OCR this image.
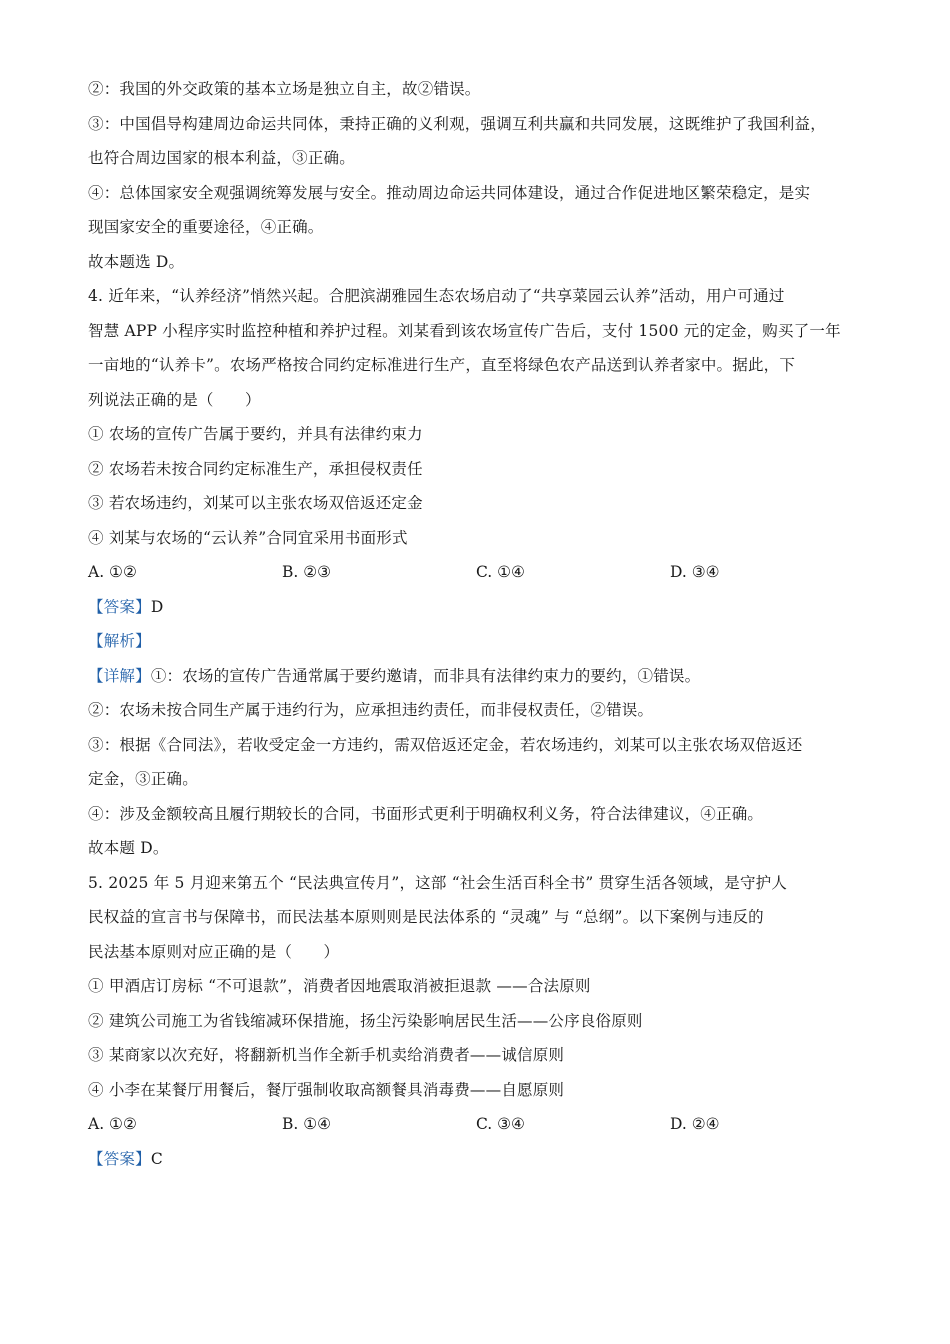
②：我国的外交政策的基本立场是独立自主，故②错误。
③：中国倡导构建周边命运共同体，秉持正确的义利观，强调互利共赢和共同发展，这既维护了我国利益，
也符合周边国家的根本利益，③正确。
④：总体国家安全观强调统筹发展与安全。推动周边命运共同体建设，通过合作促进地区繁荣稳定，是实
现国家安全的重要途径，④正确。
故本题选 D。
4. 近年来，“认养经济”悄然兴起。合肥滨湖雅园生态农场启动了“共享菜园云认养”活动，用户可通过
智慧 APP 小程序实时监控种植和养护过程。刘某看到该农场宣传广告后，支付 1500 元的定金，购买了一年
一亩地的“认养卡”。农场严格按合同约定标准进行生产，直至将绿色农产品送到认养者家中。据此，下
列说法正确的是（　　）
① 农场的宣传广告属于要约，并具有法律约束力
② 农场若未按合同约定标准生产，承担侵权责任
③ 若农场违约，刘某可以主张农场双倍返还定金
④ 刘某与农场的“云认养”合同宜采用书面形式
A. ①②	B. ②③	C. ①④	D. ③④
【答案】D
【解析】
【详解】①：农场的宣传广告通常属于要约邀请，而非具有法律约束力的要约，①错误。
②：农场未按合同生产属于违约行为，应承担违约责任，而非侵权责任，②错误。
③：根据《合同法》，若收受定金一方违约，需双倍返还定金，若农场违约，刘某可以主张农场双倍返还
定金，③正确。
④：涉及金额较高且履行期较长的合同，书面形式更利于明确权利义务，符合法律建议，④正确。
故本题 D。
5. 2025 年 5 月迎来第五个 “民法典宣传月”，这部 “社会生活百科全书” 贯穿生活各领域，是守护人
民权益的宣言书与保障书，而民法基本原则则是民法体系的 “灵魂” 与 “总纲”。以下案例与违反的
民法基本原则对应正确的是（　　）
① 甲酒店订房标 “不可退款”，消费者因地震取消被拒退款 ——合法原则
② 建筑公司施工为省钱缩减环保措施，扬尘污染影响居民生活——公序良俗原则
③ 某商家以次充好，将翻新机当作全新手机卖给消费者——诚信原则
④ 小李在某餐厅用餐后，餐厅强制收取高额餐具消毒费——自愿原则
A. ①②	B. ①④	C. ③④	D. ②④
【答案】C
